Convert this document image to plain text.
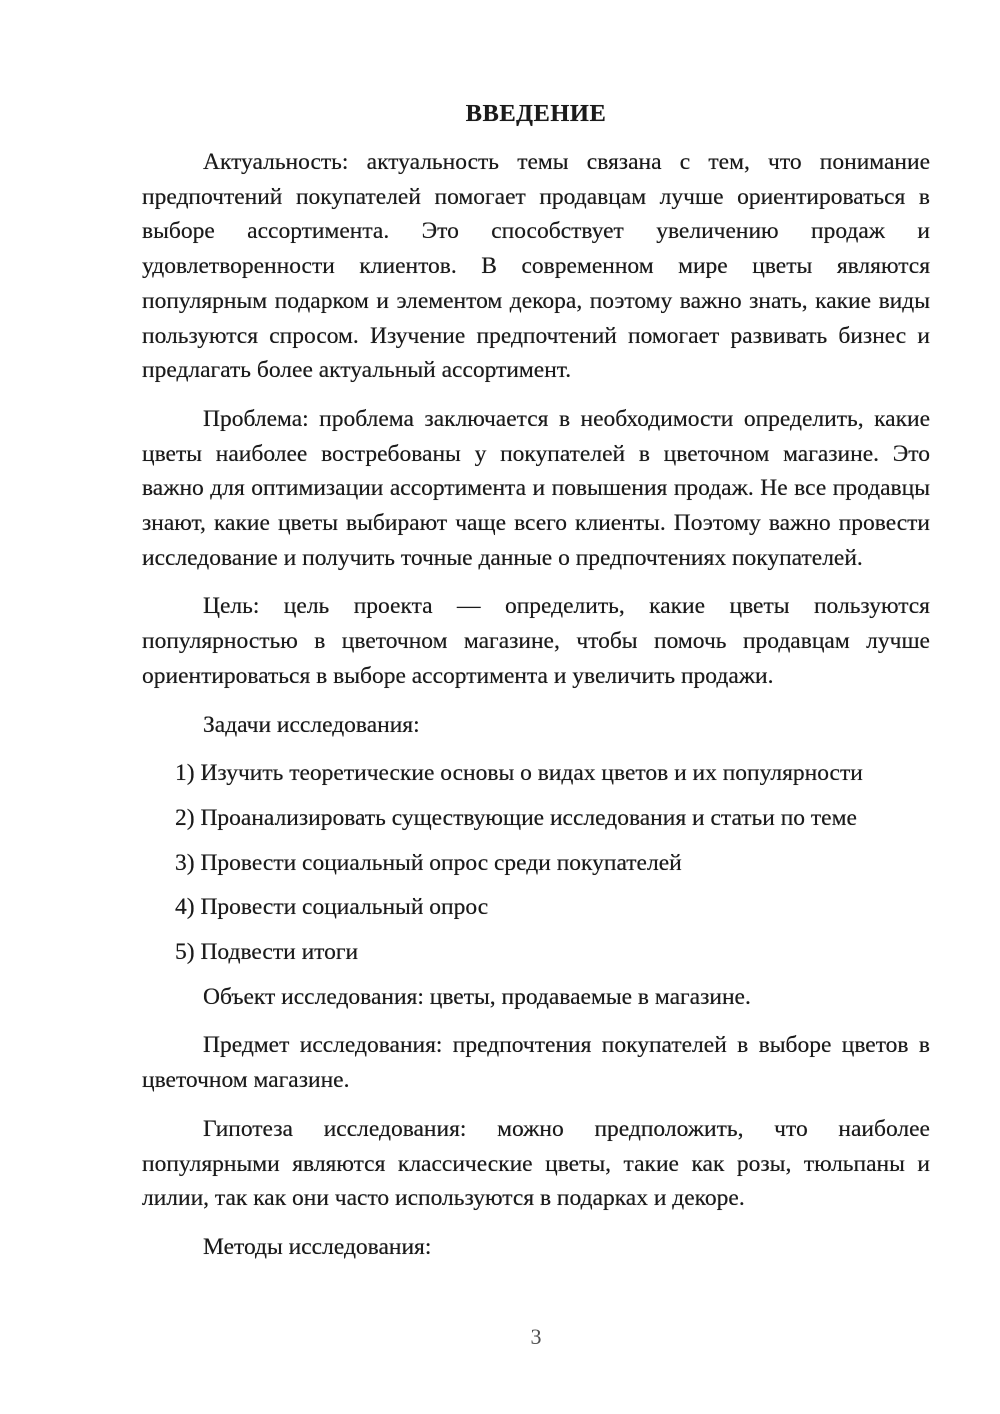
ВВЕДЕНИЕ

Актуальность: актуальность темы связана с тем, что понимание предпочтений покупателей помогает продавцам лучше ориентироваться в выборе ассортимента. Это способствует увеличению продаж и удовлетворенности клиентов. В современном мире цветы являются популярным подарком и элементом декора, поэтому важно знать, какие виды пользуются спросом. Изучение предпочтений помогает развивать бизнес и предлагать более актуальный ассортимент.

Проблема: проблема заключается в необходимости определить, какие цветы наиболее востребованы у покупателей в цветочном магазине. Это важно для оптимизации ассортимента и повышения продаж. Не все продавцы знают, какие цветы выбирают чаще всего клиенты. Поэтому важно провести исследование и получить точные данные о предпочтениях покупателей.

Цель: цель проекта — определить, какие цветы пользуются популярностью в цветочном магазине, чтобы помочь продавцам лучше ориентироваться в выборе ассортимента и увеличить продажи.

Задачи исследования:

1) Изучить теоретические основы о видах цветов и их популярности

2) Проанализировать существующие исследования и статьи по теме

3) Провести социальный опрос среди покупателей

4) Провести социальный опрос

5) Подвести итоги

Объект исследования: цветы, продаваемые в магазине.

Предмет исследования: предпочтения покупателей в выборе цветов в цветочном магазине.

Гипотеза исследования: можно предположить, что наиболее популярными являются классические цветы, такие как розы, тюльпаны и лилии, так как они часто используются в подарках и декоре.

Методы исследования:

3
